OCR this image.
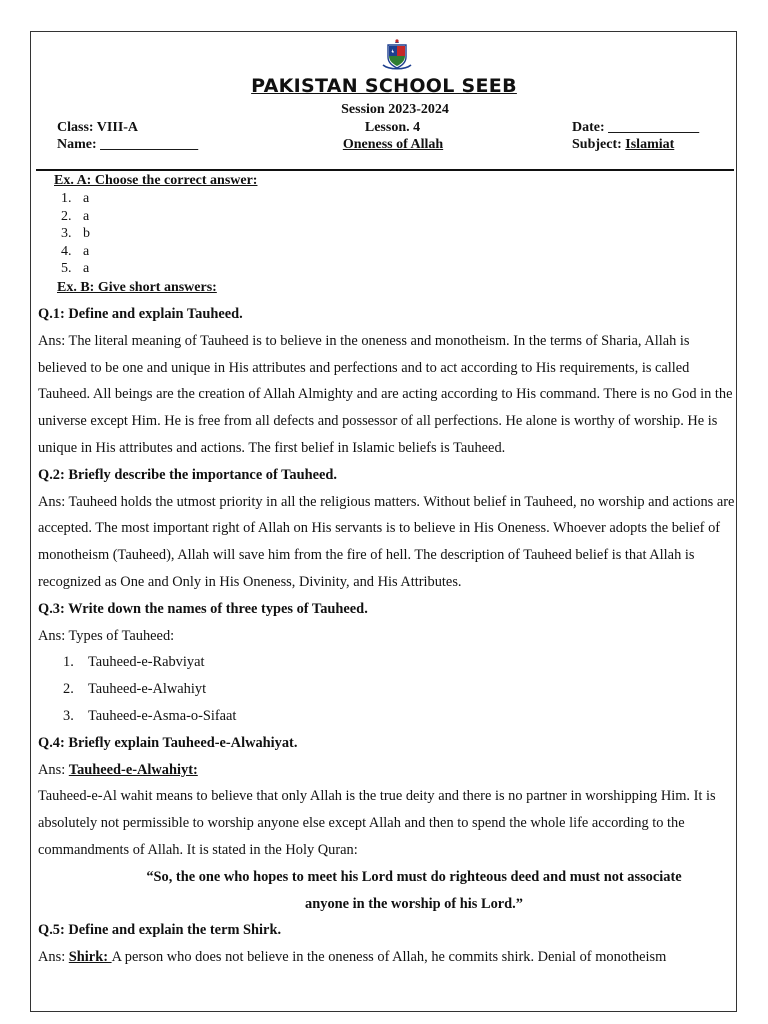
PAKISTAN SCHOOL SEEB
Session 2023-2024
Class: VIII-A	Lesson. 4	Date: _____________
Name: ______________	Oneness of Allah	Subject: Islamiat
Ex. A: Choose the correct answer:
1. a
2. a
3. b
4. a
5. a
Ex. B: Give short answers:

Q.1: Define and explain Tauheed.

Ans: The literal meaning of Tauheed is to believe in the oneness and monotheism. In the terms of Sharia, Allah is believed to be one and unique in His attributes and perfections and to act according to His requirements, is called Tauheed. All beings are the creation of Allah Almighty and are acting according to His command. There is no God in the universe except Him. He is free from all defects and possessor of all perfections. He alone is worthy of worship. He is unique in His attributes and actions. The first belief in Islamic beliefs is Tauheed.

Q.2: Briefly describe the importance of Tauheed.

Ans: Tauheed holds the utmost priority in all the religious matters. Without belief in Tauheed, no worship and actions are accepted. The most important right of Allah on His servants is to believe in His Oneness. Whoever adopts the belief of monotheism (Tauheed), Allah will save him from the fire of hell. The description of Tauheed belief is that Allah is recognized as One and Only in His Oneness, Divinity, and His Attributes.

Q.3: Write down the names of three types of Tauheed.

Ans: Types of Tauheed:

1. Tauheed-e-Rabviyat
2. Tauheed-e-Alwahiyt
3. Tauheed-e-Asma-o-Sifaat

Q.4: Briefly explain Tauheed-e-Alwahiyat.

Ans: Tauheed-e-Alwahiyt:

Tauheed-e-Al wahit means to believe that only Allah is the true deity and there is no partner in worshipping Him. It is absolutely not permissible to worship anyone else except Allah and then to spend the whole life according to the commandments of Allah. It is stated in the Holy Quran:

“So, the one who hopes to meet his Lord must do righteous deed and must not associate

anyone in the worship of his Lord.”

Q.5: Define and explain the term Shirk.

Ans: Shirk: A person who does not believe in the oneness of Allah, he commits shirk. Denial of monotheism
